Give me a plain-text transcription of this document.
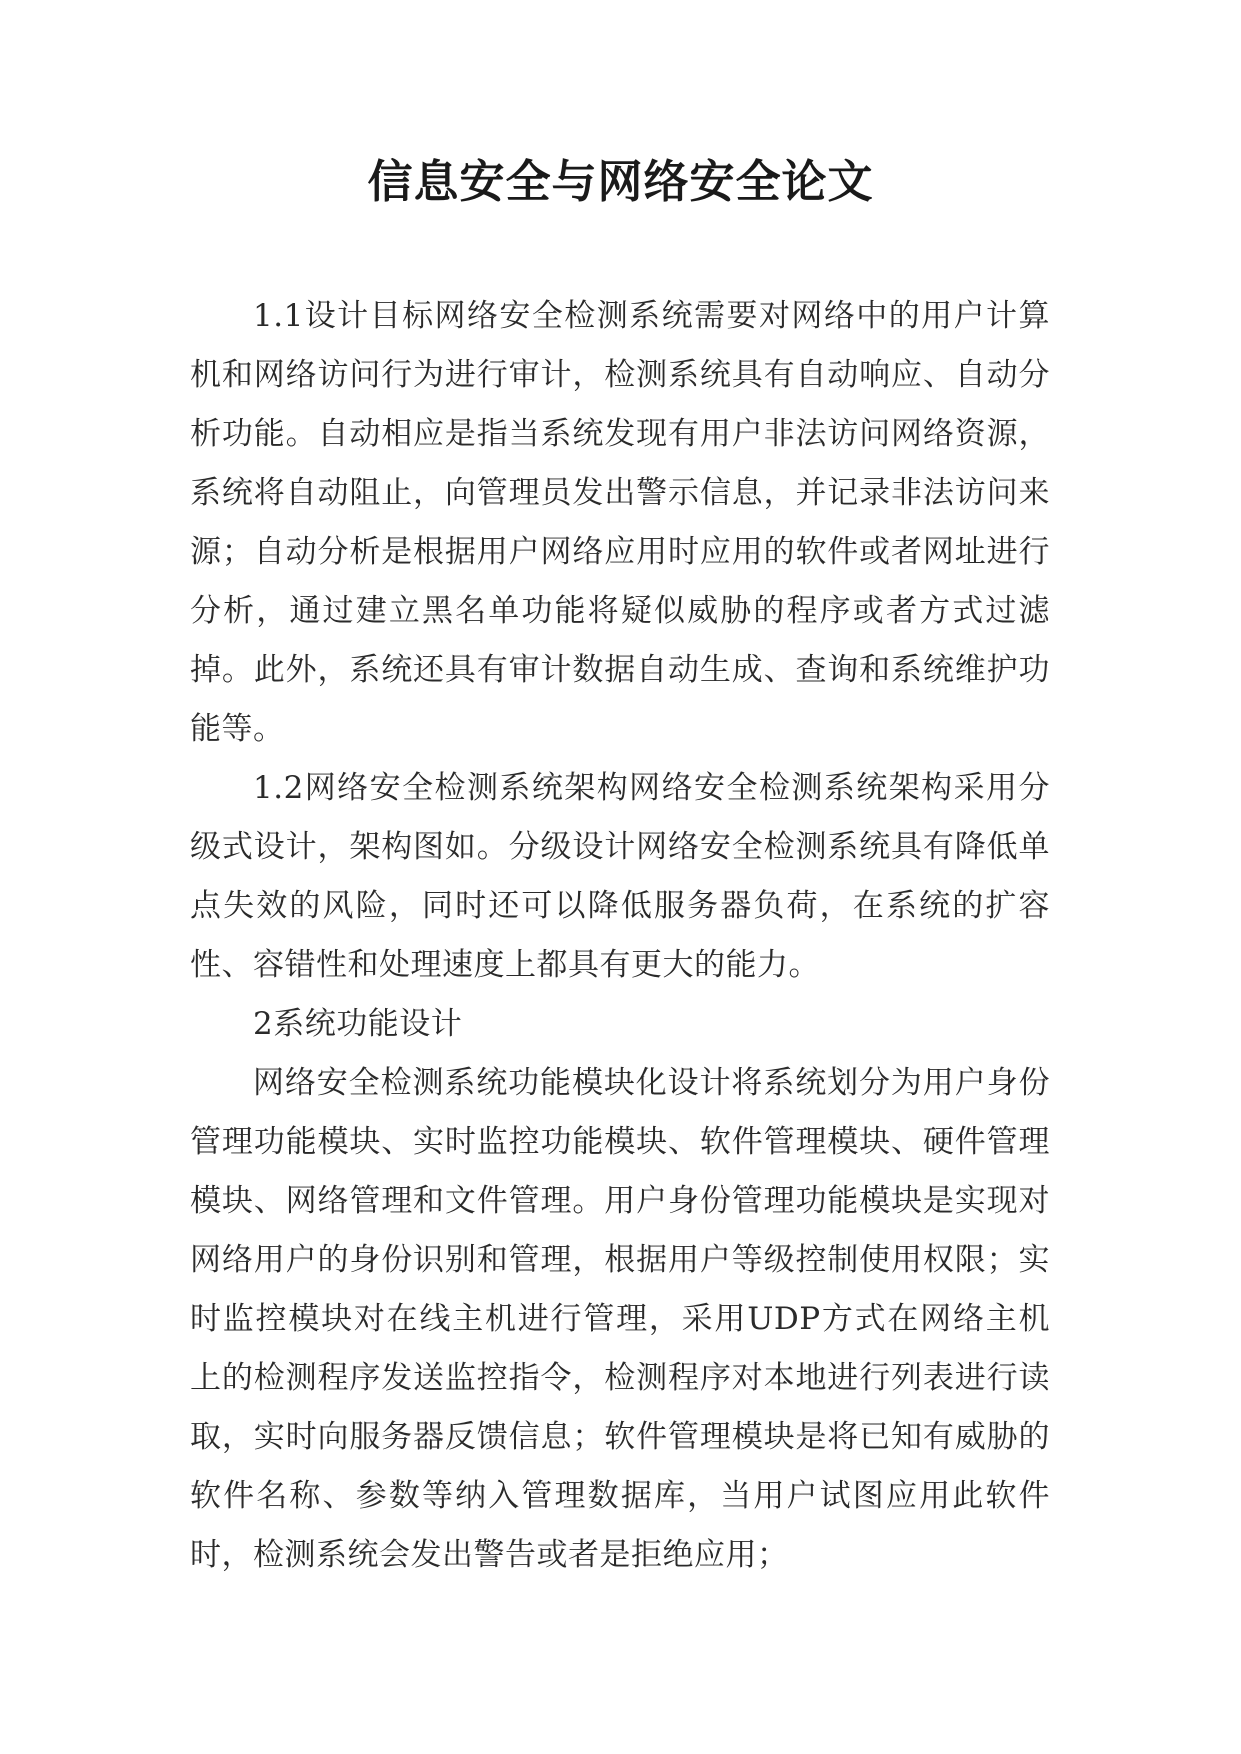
信息安全与网络安全论文

1.1设计目标网络安全检测系统需要对网络中的用户计算机和网络访问行为进行审计，检测系统具有自动响应、自动分析功能。自动相应是指当系统发现有用户非法访问网络资源，系统将自动阻止，向管理员发出警示信息，并记录非法访问来源；自动分析是根据用户网络应用时应用的软件或者网址进行分析，通过建立黑名单功能将疑似威胁的程序或者方式过滤掉。此外，系统还具有审计数据自动生成、查询和系统维护功能等。

1.2网络安全检测系统架构网络安全检测系统架构采用分级式设计，架构图如。分级设计网络安全检测系统具有降低单点失效的风险，同时还可以降低服务器负荷，在系统的扩容性、容错性和处理速度上都具有更大的能力。

2系统功能设计

网络安全检测系统功能模块化设计将系统划分为用户身份管理功能模块、实时监控功能模块、软件管理模块、硬件管理模块、网络管理和文件管理。用户身份管理功能模块是实现对网络用户的身份识别和管理，根据用户等级控制使用权限；实时监控模块对在线主机进行管理，采用UDP方式在网络主机上的检测程序发送监控指令，检测程序对本地进行列表进行读取，实时向服务器反馈信息；软件管理模块是将已知有威胁的软件名称、参数等纳入管理数据库，当用户试图应用此软件时，检测系统会发出警告或者是拒绝应用；
